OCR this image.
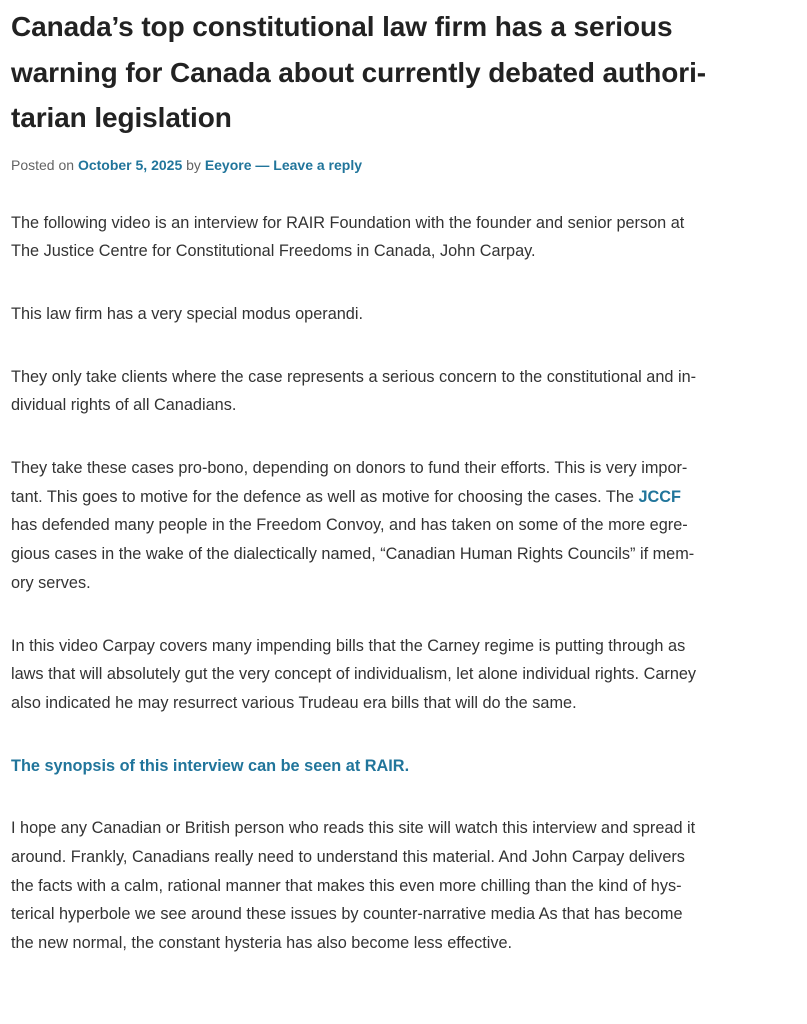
Canada’s top constitutional law firm has a serious
warning for Canada about currently debated authori-
tarian legislation
Posted on October 5, 2025 by Eeyore — Leave a reply

The following video is an interview for RAIR Foundation with the founder and senior person at
The Justice Centre for Constitutional Freedoms in Canada, John Carpay.

This law firm has a very special modus operandi.

They only take clients where the case represents a serious concern to the constitutional and in-
dividual rights of all Canadians.

They take these cases pro-bono, depending on donors to fund their efforts. This is very impor-
tant. This goes to motive for the defence as well as motive for choosing the cases. The JCCF
has defended many people in the Freedom Convoy, and has taken on some of the more egre-
gious cases in the wake of the dialectically named, “Canadian Human Rights Councils” if mem-
ory serves.

In this video Carpay covers many impending bills that the Carney regime is putting through as
laws that will absolutely gut the very concept of individualism, let alone individual rights. Carney
also indicated he may resurrect various Trudeau era bills that will do the same.

The synopsis of this interview can be seen at RAIR.

I hope any Canadian or British person who reads this site will watch this interview and spread it
around. Frankly, Canadians really need to understand this material. And John Carpay delivers
the facts with a calm, rational manner that makes this even more chilling than the kind of hys-
terical hyperbole we see around these issues by counter-narrative media As that has become
the new normal, the constant hysteria has also become less effective.
